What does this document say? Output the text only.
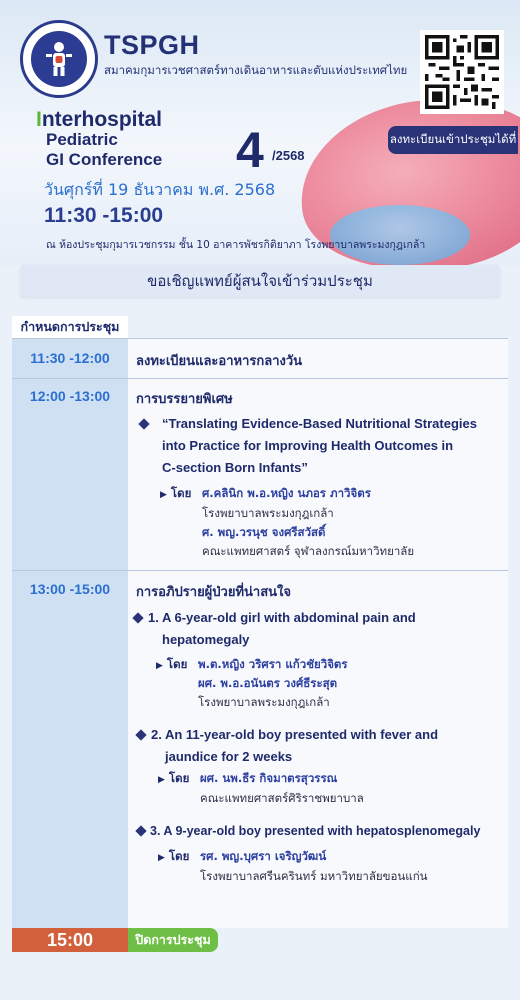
TSPGH
สมาคมกุมารเวชศาสตร์ทางเดินอาหารและตับแห่งประเทศไทย
ลงทะเบียนเข้าประชุมได้ที่
Interhospital
Pediatric
GI Conference 4 /2568
วันศุกร์ที่ 19 ธันวาคม พ.ศ. 2568
11:30 -15:00
ณ ห้องประชุมกุมารเวชกรรม ชั้น 10 อาคารพัชรกิติยาภา โรงพยาบาลพระมงกุฎเกล้า
ขอเชิญแพทย์ผู้สนใจเข้าร่วมประชุม
กำหนดการประชุม
11:30 -12:00	ลงทะเบียนและอาหารกลางวัน
12:00 -13:00	การบรรยายพิเศษ
“Translating Evidence-Based Nutritional Strategies
into Practice for Improving Health Outcomes in
C-section Born Infants”
▶ โดย ศ.คลินิก พ.อ.หญิง นภอร ภาวิจิตร
โรงพยาบาลพระมงกุฎเกล้า
ศ. พญ.วรนุช จงศรีสวัสดิ์
คณะแพทยศาสตร์ จุฬาลงกรณ์มหาวิทยาลัย
13:00 -15:00	การอภิปรายผู้ป่วยที่น่าสนใจ
1. A 6-year-old girl with abdominal pain and
hepatomegaly
▶ โดย พ.ต.หญิง วริศรา แก้วชัยวิจิตร
ผศ. พ.อ.อนันตร วงศ์ธีระสุต
โรงพยาบาลพระมงกุฎเกล้า
2. An 11-year-old boy presented with fever and
jaundice for 2 weeks
▶ โดย ผศ. นพ.ธีร กิจมาตรสุวรรณ
คณะแพทยศาสตร์ศิริราชพยาบาล
3. A 9-year-old boy presented with hepatosplenomegaly
▶ โดย รศ. พญ.บุศรา เจริญวัฒน์
โรงพยาบาลศรีนครินทร์ มหาวิทยาลัยขอนแก่น
15:00	ปิดการประชุม
